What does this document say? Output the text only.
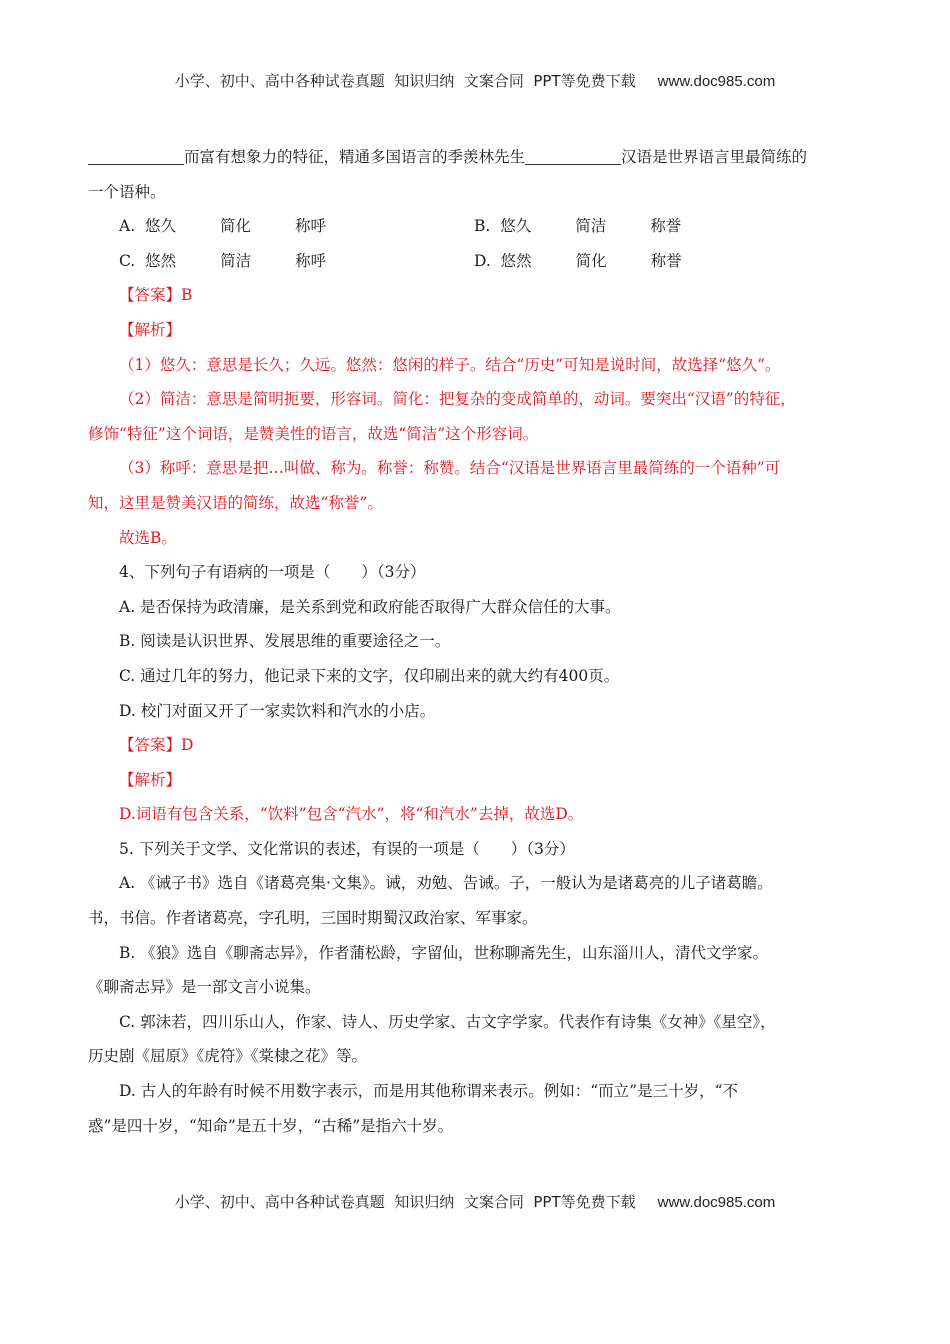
小学、初中、高中各种试卷真题  知识归纳  文案合同  PPT等免费下载 www.doc985.com
而富有想象力的特征，精通多国语言的季羡林先生	汉语是世界语言里最简练的
一个语种。
A. 悠久	简化	称呼	B. 悠久	简洁	称誉
C. 悠然	简洁	称呼	D. 悠然	简化	称誉
【答案】B
【解析】
（1）悠久：意思是长久；久远。悠然：悠闲的样子。结合“历史”可知是说时间，故选择“悠久”。
（2）简洁：意思是简明扼要，形容词。简化：把复杂的变成简单的，动词。要突出“汉语”的特征，
修饰“特征”这个词语，是赞美性的语言，故选“简洁”这个形容词。
（3）称呼：意思是把…叫做、称为。称誉：称赞。结合“汉语是世界语言里最简练的一个语种”可
知，这里是赞美汉语的简练，故选“称誉”。
故选B。
4、下列句子有语病的一项是（　　）（3分）
A. 是否保持为政清廉，是关系到党和政府能否取得广大群众信任的大事。
B. 阅读是认识世界、发展思维的重要途径之一。
C. 通过几年的努力，他记录下来的文字，仅印刷出来的就大约有400页。
D. 校门对面又开了一家卖饮料和汽水的小店。
【答案】D
【解析】
D.词语有包含关系，“饮料”包含“汽水”，将“和汽水”去掉，故选D。
5. 下列关于文学、文化常识的表述，有误的一项是（　　）（3分）
A. 《诫子书》选自《诸葛亮集·文集》。诫，劝勉、告诫。子，一般认为是诸葛亮的儿子诸葛瞻。
书，书信。作者诸葛亮，字孔明，三国时期蜀汉政治家、军事家。
B. 《狼》选自《聊斋志异》，作者蒲松龄，字留仙，世称聊斋先生，山东淄川人，清代文学家。
《聊斋志异》是一部文言小说集。
C. 郭沫若，四川乐山人，作家、诗人、历史学家、古文字学家。代表作有诗集《女神》《星空》，
历史剧《屈原》《虎符》《棠棣之花》等。
D. 古人的年龄有时候不用数字表示，而是用其他称谓来表示。例如：“而立”是三十岁，“不
惑”是四十岁，“知命”是五十岁，“古稀”是指六十岁。
小学、初中、高中各种试卷真题  知识归纳  文案合同  PPT等免费下载 www.doc985.com
